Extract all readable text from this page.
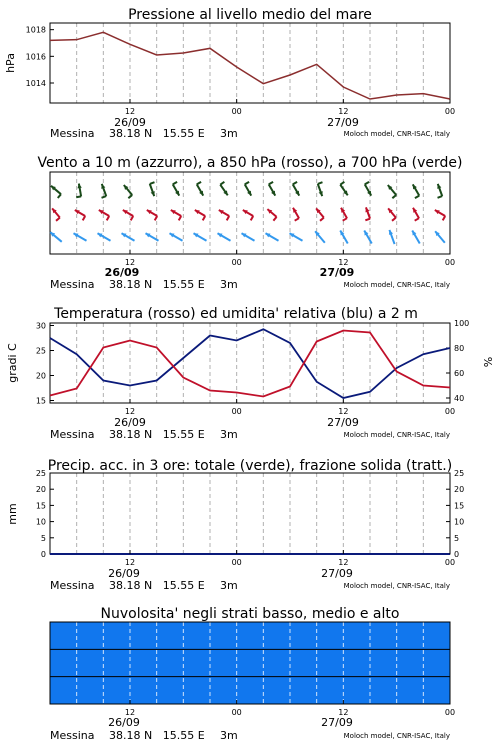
Pressione al livello medio del mare
hPa
1018
1016
1014
12	00	12	00
26/09	27/09
Messina 38.18 N   15.55 E 3m	Moloch model, CNR-ISAC, Italy
Vento a 10 m (azzurro), a 850 hPa (rosso), a 700 hPa (verde)
12	00	12	00
26/09	27/09
Messina 38.18 N   15.55 E 3m	Moloch model, CNR-ISAC, Italy
Temperatura (rosso) ed umidita' relativa (blu) a 2 m
gradi C	%
30
25
20
15
100
80
60
40
12	00	12	00
26/09	27/09
Messina 38.18 N   15.55 E 3m	Moloch model, CNR-ISAC, Italy
Precip. acc. in 3 ore: totale (verde), frazione solida (tratt.)
mm
25
20
15
10
5
0
25
20
15
10
5
0
12	00	12	00
26/09	27/09
Messina 38.18 N   15.55 E 3m	Moloch model, CNR-ISAC, Italy
Nuvolosita' negli strati basso, medio e alto
12	00	12	00
26/09	27/09
Messina 38.18 N   15.55 E 3m	Moloch model, CNR-ISAC, Italy
